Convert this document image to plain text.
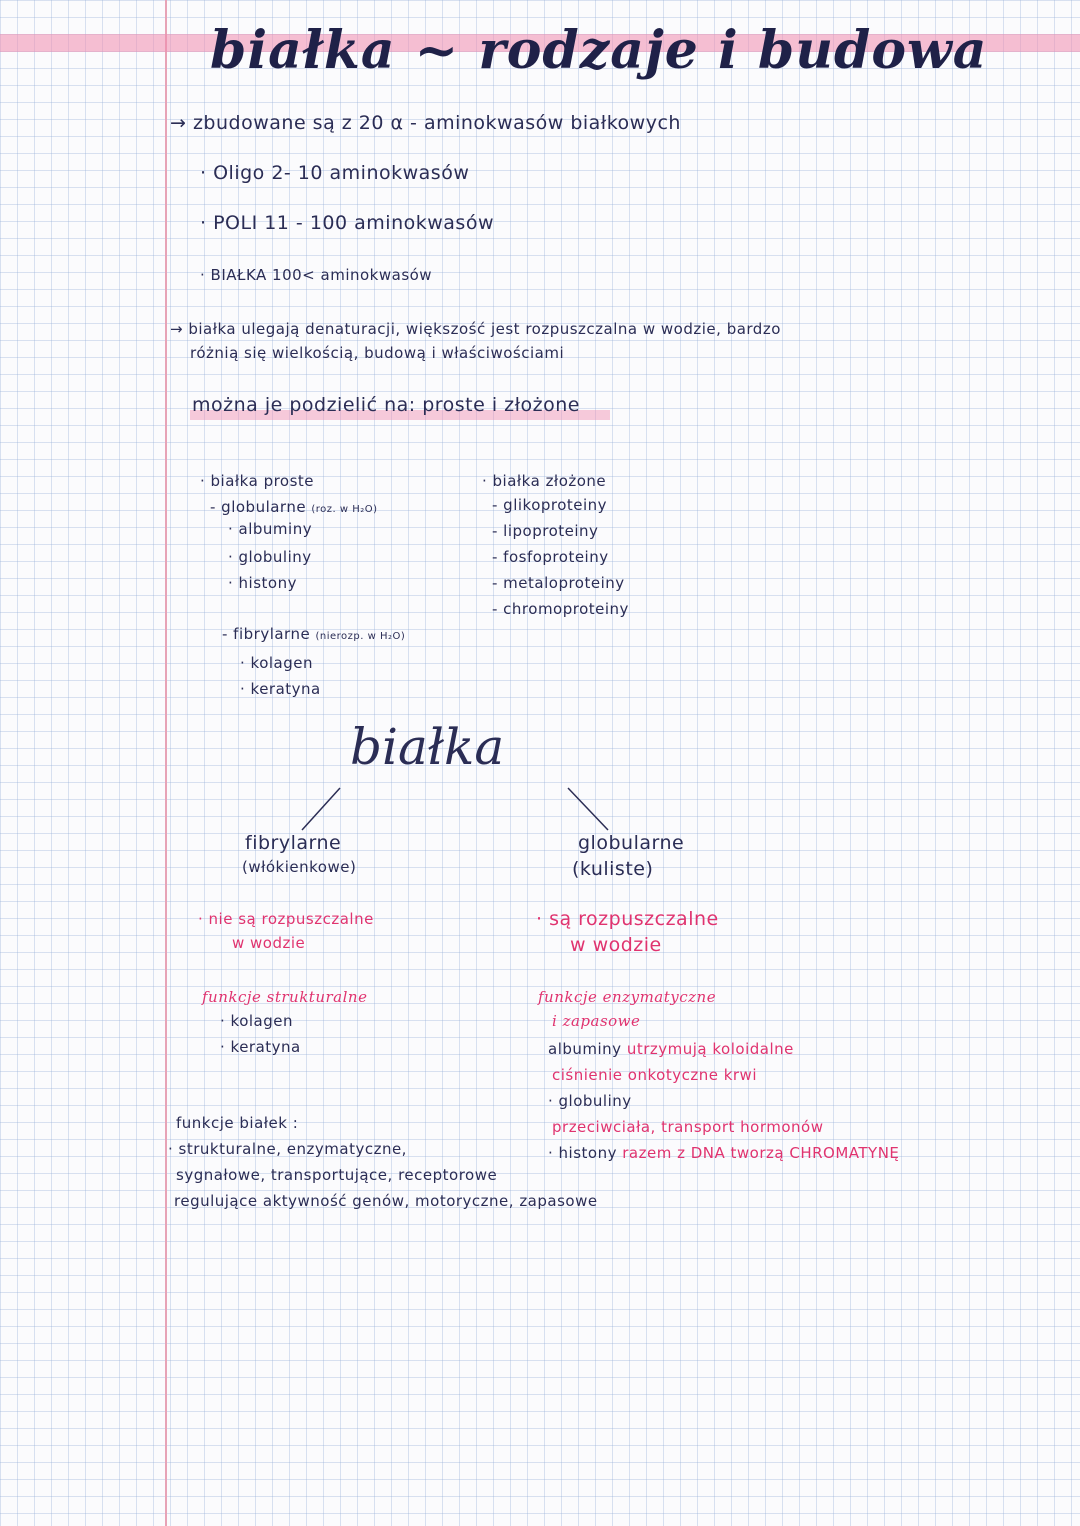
białka ~ rodzaje i budowa
→ zbudowane są z 20 α - aminokwasów białkowych
· Oligo 2- 10 aminokwasów
· POLI 11 - 100 aminokwasów
· BIAŁKA 100< aminokwasów
→ białka ulegają denaturacji, większość jest rozpuszczalna w wodzie, bardzo
różnią się wielkością, budową i właściwościami
można je podzielić na: proste i złożone
· białka proste
- globularne (roz. w H₂O)
· albuminy
· globuliny
· histony
- fibrylarne (nierozp. w H₂O)
· kolagen
· keratyna
· białka złożone
- glikoproteiny
- lipoproteiny
- fosfoproteiny
- metaloproteiny
- chromoproteiny
białka
fibrylarne
(włókienkowe)
· nie są rozpuszczalne
w wodzie
funkcje strukturalne
· kolagen
· keratyna
globularne
(kuliste)
· są rozpuszczalne
w wodzie
funkcje enzymatyczne
i zapasowe
albuminy utrzymują koloidalne
ciśnienie onkotyczne krwi
· globuliny
przeciwciała, transport hormonów
· histony razem z DNA tworzą CHROMATYNĘ
funkcje białek :
· strukturalne, enzymatyczne,
sygnałowe, transportujące, receptorowe
regulujące aktywność genów, motoryczne, zapasowe
